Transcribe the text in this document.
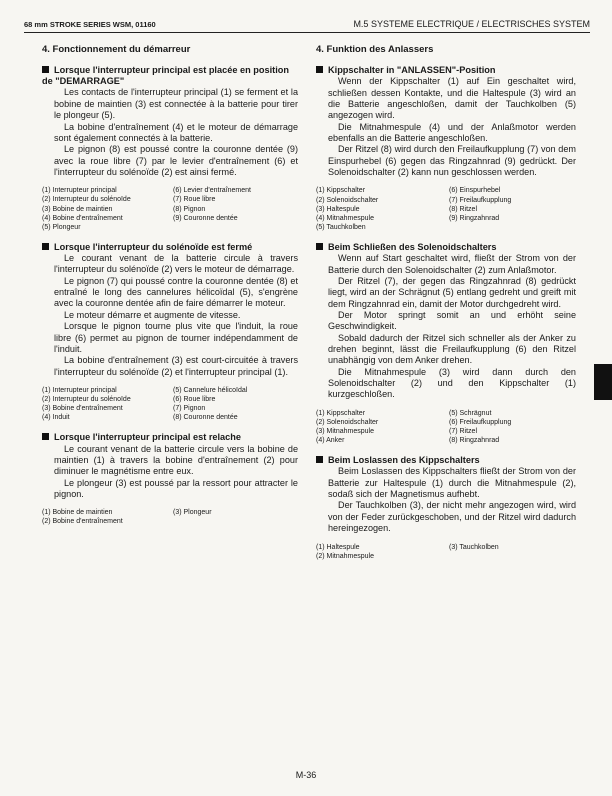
68 mm STROKE SERIES WSM, 01160	M.5 SYSTEME ELECTRIQUE / ELECTRISCHES SYSTEM
4. Fonctionnement du démarreur
Lorsque l'interrupteur principal est placée en position de "DEMARRAGE"

Les contacts de l'interrupteur principal (1) se ferment et la bobine de maintien (3) est connectée à la batterie pour tirer le plongeur (5).

La bobine d'entraînement (4) et le moteur de démarrage sont également connectés à la batterie.

Le pignon (8) est poussé contre la couronne dentée (9) avec la roue libre (7) par le levier d'entraînement (6) et l'interrupteur du solénoïde (2) est ainsi fermé.

(1) Interrupteur principal	(6) Levier d'entraînement
(2) Interrupteur du solénoïde	(7) Roue libre
(3) Bobine de maintien	(8) Pignon
(4) Bobine d'entraînement	(9) Couronne dentée
(5) Plongeur
Lorsque l'interrupteur du solénoïde est fermé

Le courant venant de la batterie circule à travers l'interrupteur du solénoïde (2) vers le moteur de démarrage.

Le pignon (7) qui poussé contre la couronne dentée (8) et entraîné le long des cannelures hélicoïdal (5), s'engrène avec la couronne dentée afin de faire démarrer le moteur.

Le moteur démarre et augmente de vitesse.

Lorsque le pignon tourne plus vite que l'induit, la roue libre (6) permet au pignon de tourner indépendamment de l'induit.

La bobine d'entraînement (3) est court-circuitée à travers l'interrupteur du solénoïde (2) et l'interrupteur principal (1).

(1) Interrupteur principal	(5) Cannelure hélicoïdal
(2) Interrupteur du solénoïde	(6) Roue libre
(3) Bobine d'entraînement	(7) Pignon
(4) Induit	(8) Couronne dentée
Lorsque l'interrupteur principal est relache

Le courant venant de la batterie circule vers la bobine de maintien (1) à travers la bobine d'entraînement (2) pour diminuer le magnétisme entre eux.

Le plongeur (3) est poussé par la ressort pour attracter le pignon.

(1) Bobine de maintien	(3) Plongeur
(2) Bobine d'entraînement
4. Funktion des Anlassers
Kippschalter in "ANLASSEN"-Position

Wenn der Kippschalter (1) auf Ein geschaltet wird, schließen dessen Kontakte, und die Haltespule (3) wird an die Batterie angeschloßen, damit der Tauchkolben (5) angezogen wird.

Die Mitnahmespule (4) und der Anlaßmotor werden ebenfalls an die Batterie angeschloßen.

Der Ritzel (8) wird durch den Freilaufkupplung (7) von dem Einspurhebel (6) gegen das Ringzahnrad (9) gedrückt. Der Solenoidschalter (2) kann nun geschlossen werden.

(1) Kippschalter	(6) Einspurhebel
(2) Solenoidschalter	(7) Freilaufkupplung
(3) Haltespule	(8) Ritzel
(4) Mitnahmespule	(9) Ringzahnrad
(5) Tauchkolben
Beim Schließen des Solenoidschalters

Wenn auf Start geschaltet wird, fließt der Strom von der Batterie durch den Solenoidschalter (2) zum Anlaßmotor.

Der Ritzel (7), der gegen das Ringzahnrad (8) gedrückt liegt, wird an der Schrägnut (5) entlang gedreht und greift mit dem Ringzahnrad ein, damit der Motor durchgedreht wird.

Der Motor springt somit an und erhöht seine Geschwindigkeit.

Sobald dadurch der Ritzel sich schneller als der Anker zu drehen beginnt, lässt die Freilaufkupplung (6) den Ritzel unabhängig von dem Anker drehen.

Die Mitnahmespule (3) wird dann durch den Solenoidschalter (2) und den Kippschalter (1) kurzgeschloßen.

(1) Kippschalter	(5) Schrägnut
(2) Solenoidschalter	(6) Freilaufkupplung
(3) Mitnahmespule	(7) Ritzel
(4) Anker	(8) Ringzahnrad
Beim Loslassen des Kippschalters

Beim Loslassen des Kippschalters fließt der Strom von der Batterie zur Haltespule (1) durch die Mitnahmespule (2), sodaß sich der Magnetismus aufhebt.

Der Tauchkolben (3), der nicht mehr angezogen wird, wird von der Feder zurückgeschoben, und der Ritzel wird dadurch hereingezogen.

(1) Haltespule	(3) Tauchkolben
(2) Mitnahmespule
M-36
